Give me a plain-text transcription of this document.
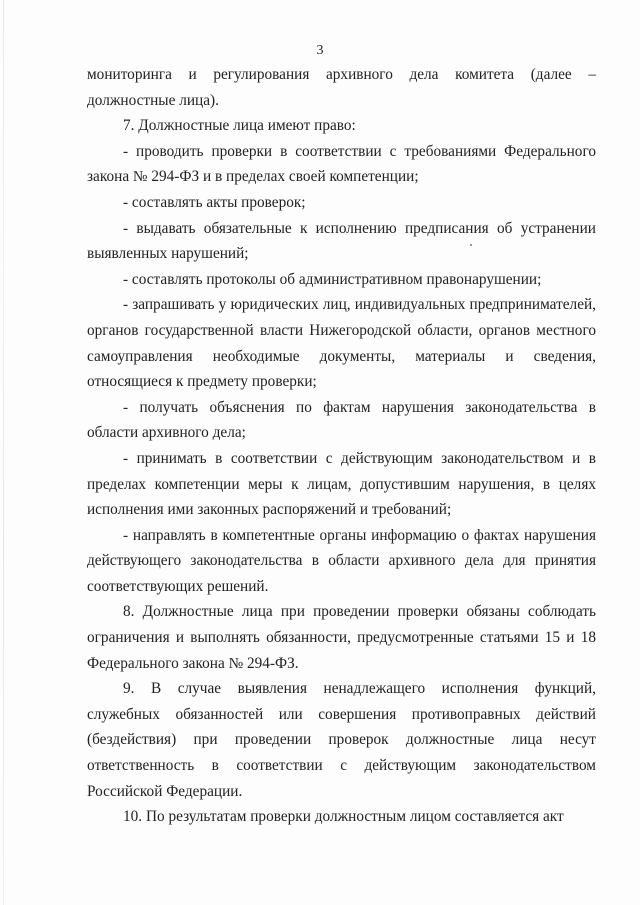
3

мониторинга и регулирования архивного дела комитета (далее – должностные лица).

7. Должностные лица имеют право:

- проводить проверки в соответствии с требованиями Федерального закона № 294-ФЗ и в пределах своей компетенции;

- составлять акты проверок;

- выдавать обязательные к исполнению предписания об устранении выявленных нарушений;

- составлять протоколы об административном правонарушении;

- запрашивать у юридических лиц, индивидуальных предпринимателей, органов государственной власти Нижегородской области, органов местного самоуправления необходимые документы, материалы и сведения, относящиеся к предмету проверки;

- получать объяснения по фактам нарушения законодательства в области архивного дела;

- принимать в соответствии с действующим законодательством и в пределах компетенции меры к лицам, допустившим нарушения, в целях исполнения ими законных распоряжений и требований;

- направлять в компетентные органы информацию о фактах нарушения действующего законодательства в области архивного дела для принятия соответствующих решений.

8. Должностные лица при проведении проверки обязаны соблюдать ограничения и выполнять обязанности, предусмотренные статьями 15 и 18 Федерального закона № 294-ФЗ.

9. В случае выявления ненадлежащего исполнения функций, служебных обязанностей или совершения противоправных действий (бездействия) при проведении проверок должностные лица несут ответственность в соответствии с действующим законодательством Российской Федерации.

10. По результатам проверки должностным лицом составляется акт
